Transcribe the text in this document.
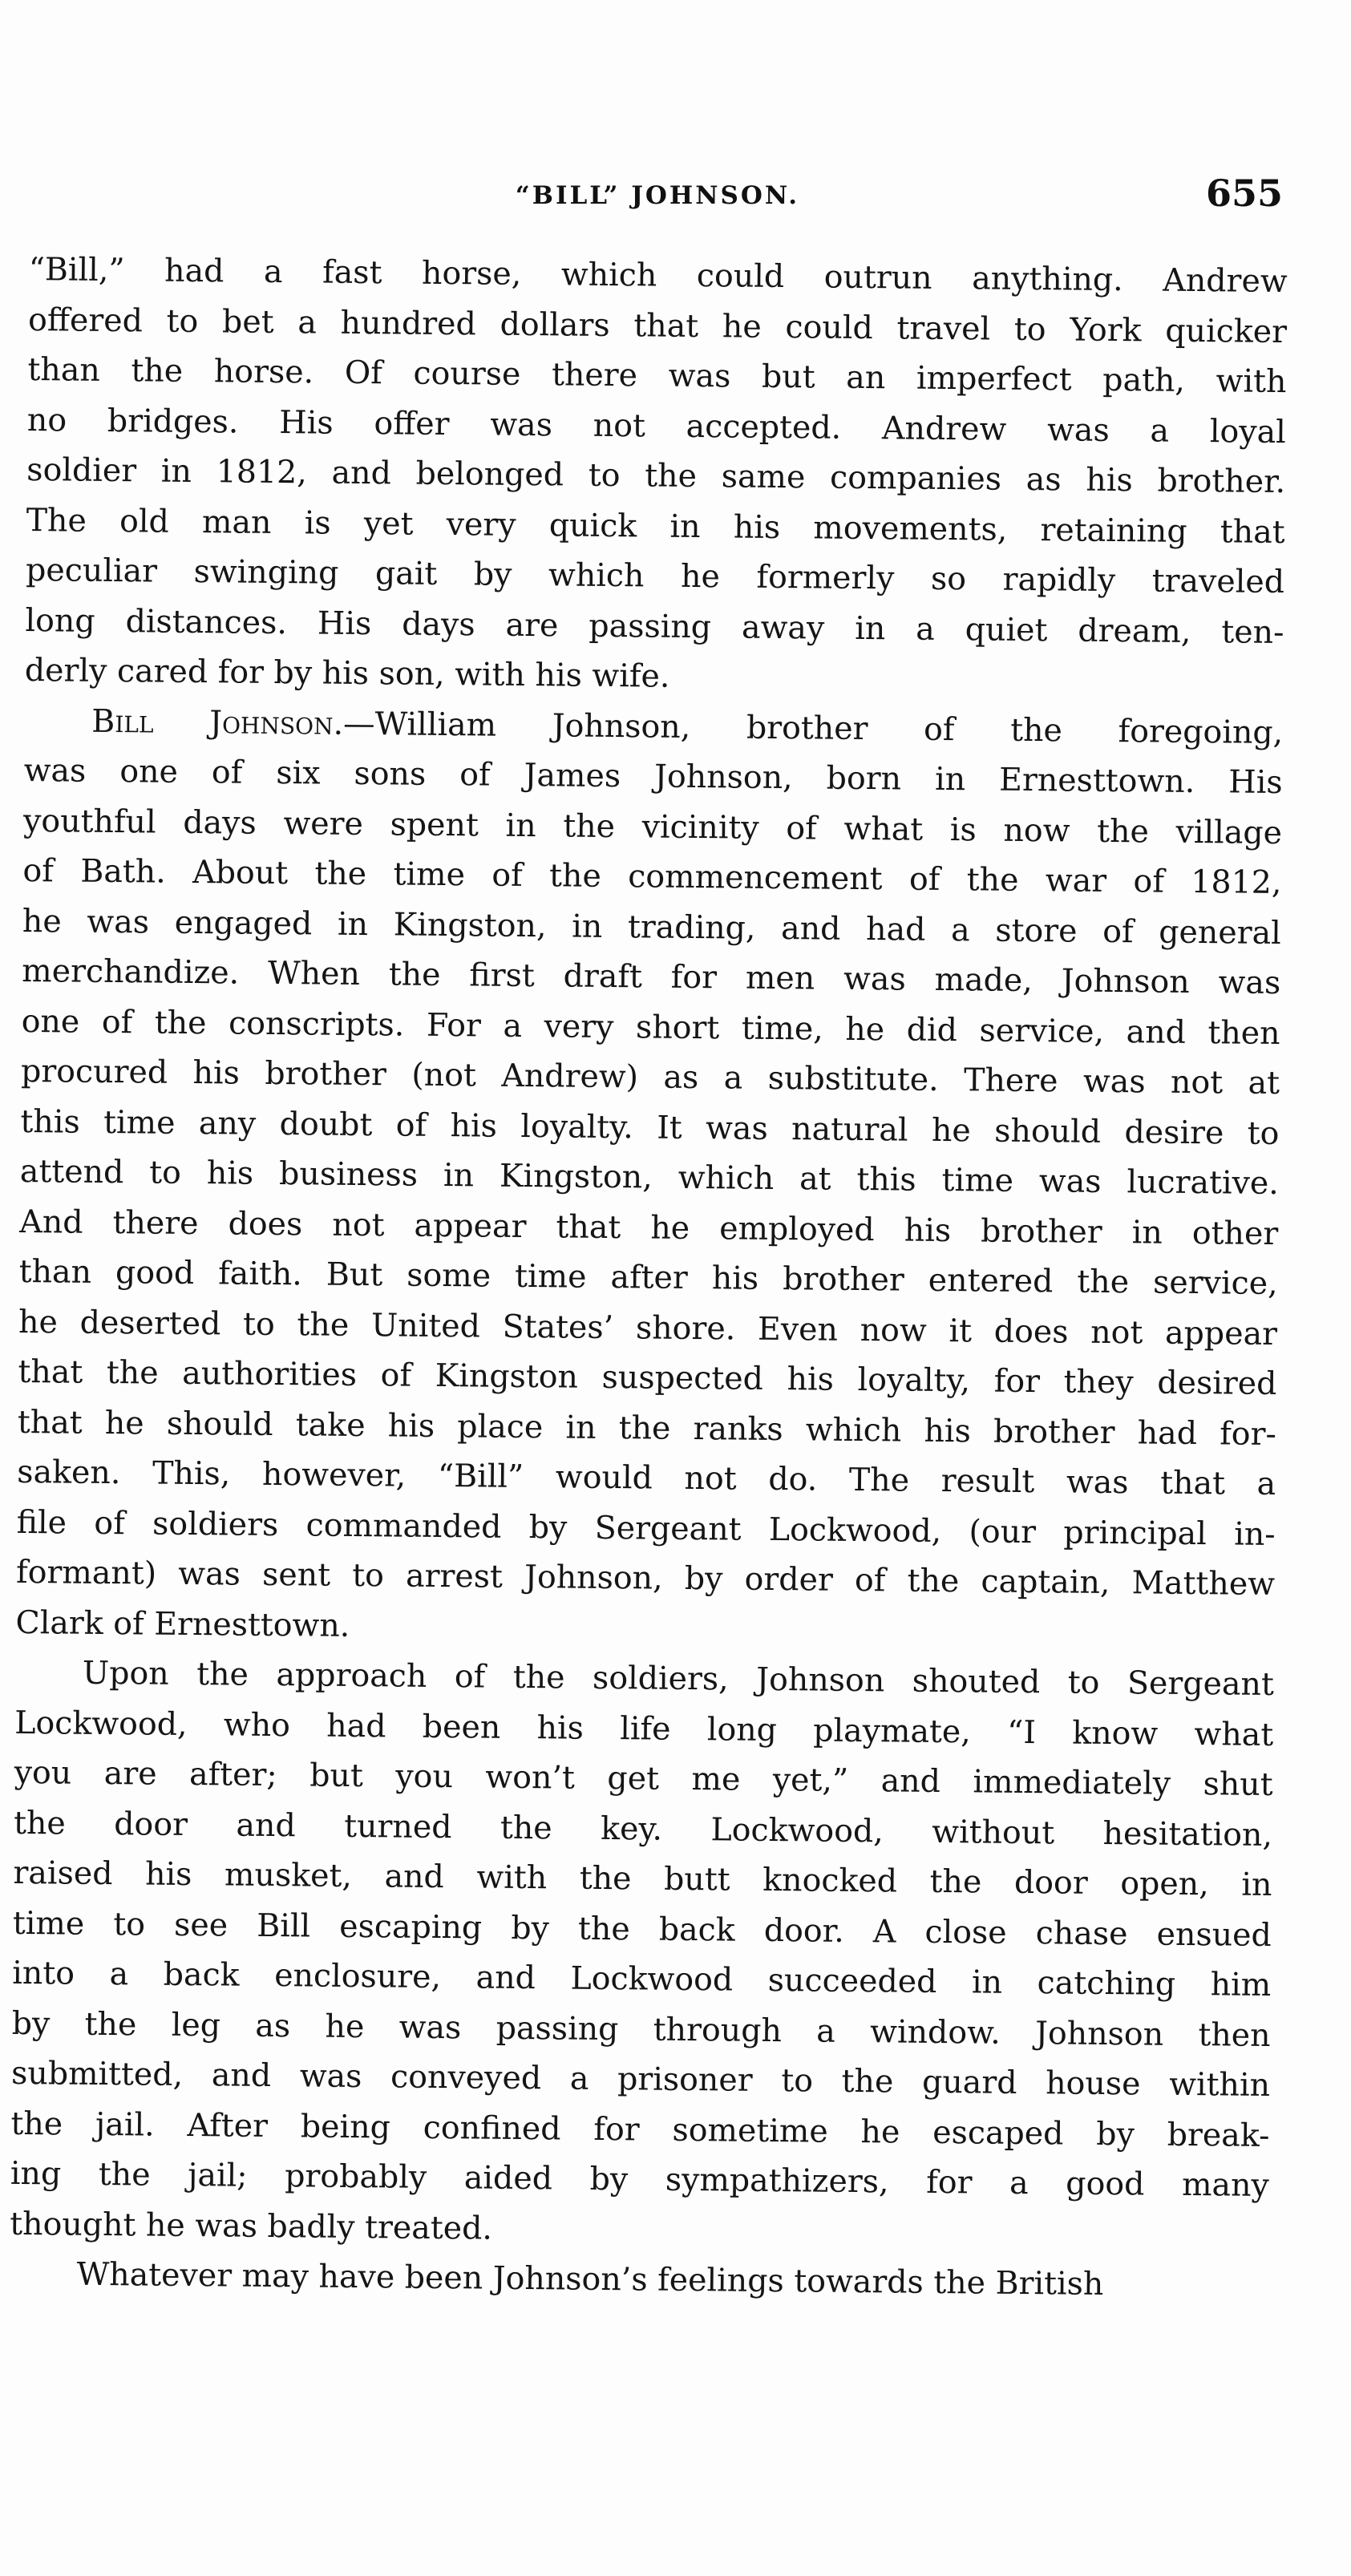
“BILL” JOHNSON.	655
“Bill,” had a fast horse, which could outrun anything. Andrew
offered to bet a hundred dollars that he could travel to York quicker
than the horse. Of course there was but an imperfect path, with
no bridges. His offer was not accepted. Andrew was a loyal
soldier in 1812, and belonged to the same companies as his brother.
The old man is yet very quick in his movements, retaining that
peculiar swinging gait by which he formerly so rapidly traveled
long distances. His days are passing away in a quiet dream, ten-
derly cared for by his son, with his wife.
Bill Johnson.—William Johnson, brother of the foregoing,
was one of six sons of James Johnson, born in Ernesttown. His
youthful days were spent in the vicinity of what is now the village
of Bath. About the time of the commencement of the war of 1812,
he was engaged in Kingston, in trading, and had a store of general
merchandize. When the first draft for men was made, Johnson was
one of the conscripts. For a very short time, he did service, and then
procured his brother (not Andrew) as a substitute. There was not at
this time any doubt of his loyalty. It was natural he should desire to
attend to his business in Kingston, which at this time was lucrative.
And there does not appear that he employed his brother in other
than good faith. But some time after his brother entered the service,
he deserted to the United States’ shore. Even now it does not appear
that the authorities of Kingston suspected his loyalty, for they desired
that he should take his place in the ranks which his brother had for-
saken. This, however, “Bill” would not do. The result was that a
file of soldiers commanded by Sergeant Lockwood, (our principal in-
formant) was sent to arrest Johnson, by order of the captain, Matthew
Clark of Ernesttown.
Upon the approach of the soldiers, Johnson shouted to Sergeant
Lockwood, who had been his life long playmate, “I know what
you are after; but you won’t get me yet,” and immediately shut
the door and turned the key. Lockwood, without hesitation,
raised his musket, and with the butt knocked the door open, in
time to see Bill escaping by the back door. A close chase ensued
into a back enclosure, and Lockwood succeeded in catching him
by the leg as he was passing through a window. Johnson then
submitted, and was conveyed a prisoner to the guard house within
the jail. After being confined for sometime he escaped by break-
ing the jail; probably aided by sympathizers, for a good many
thought he was badly treated.
Whatever may have been Johnson’s feelings towards the British
